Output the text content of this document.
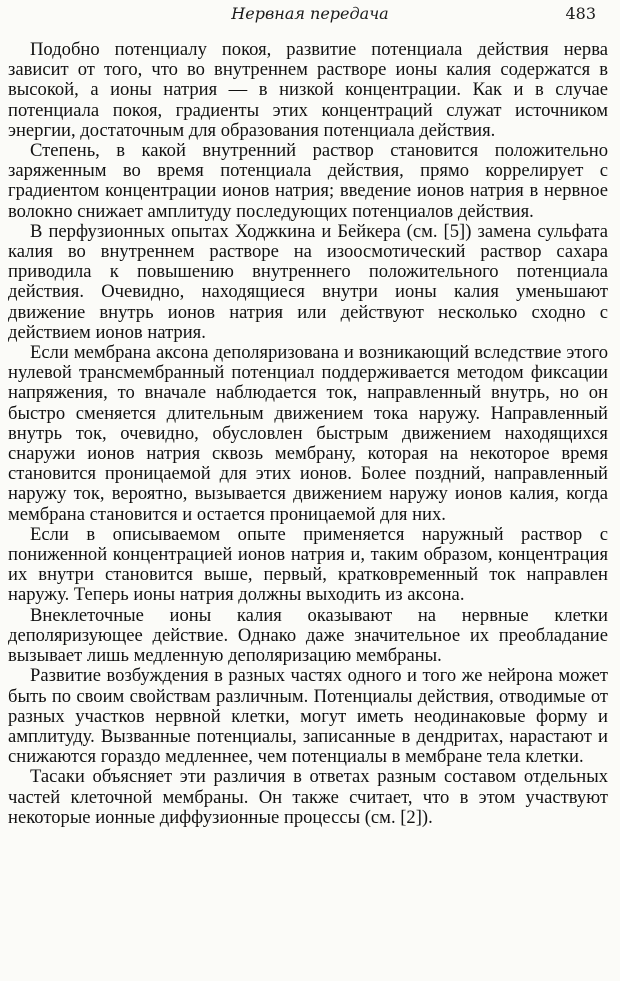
Нервная передача	483

Подобно потенциалу покоя, развитие потенциала действия нерва зависит от того, что во внутреннем растворе ионы калия содержатся в высокой, а ионы натрия — в низкой концентрации. Как и в случае потенциала покоя, градиенты этих концентраций служат источником энергии, достаточным для образования потенциала действия.

Степень, в какой внутренний раствор становится положительно заряженным во время потенциала действия, прямо коррелирует с градиентом концентрации ионов натрия; введение ионов натрия в нервное волокно снижает амплитуду последующих потенциалов действия.

В перфузионных опытах Ходжкина и Бейкера (см. [5]) замена сульфата калия во внутреннем растворе на изоосмотический раствор сахара приводила к повышению внутреннего положительного потенциала действия. Очевидно, находящиеся внутри ионы калия уменьшают движение внутрь ионов натрия или действуют несколько сходно с действием ионов натрия.

Если мембрана аксона деполяризована и возникающий вследствие этого нулевой трансмембранный потенциал поддерживается методом фиксации напряжения, то вначале наблюдается ток, направленный внутрь, но он быстро сменяется длительным движением тока наружу. Направленный внутрь ток, очевидно, обусловлен быстрым движением находящихся снаружи ионов натрия сквозь мембрану, которая на некоторое время становится проницаемой для этих ионов. Более поздний, направленный наружу ток, вероятно, вызывается движением наружу ионов калия, когда мембрана становится и остается проницаемой для них.

Если в описываемом опыте применяется наружный раствор с пониженной концентрацией ионов натрия и, таким образом, концентрация их внутри становится выше, первый, кратковременный ток направлен наружу. Теперь ионы натрия должны выходить из аксона.

Внеклеточные ионы калия оказывают на нервные клетки деполяризующее действие. Однако даже значительное их преобладание вызывает лишь медленную деполяризацию мембраны.

Развитие возбуждения в разных частях одного и того же нейрона может быть по своим свойствам различным. Потенциалы действия, отводимые от разных участков нервной клетки, могут иметь неодинаковые форму и амплитуду. Вызванные потенциалы, записанные в дендритах, нарастают и снижаются гораздо медленнее, чем потенциалы в мембране тела клетки.

Тасаки объясняет эти различия в ответах разным составом отдельных частей клеточной мембраны. Он также считает, что в этом участвуют некоторые ионные диффузионные процессы (см. [2]).
